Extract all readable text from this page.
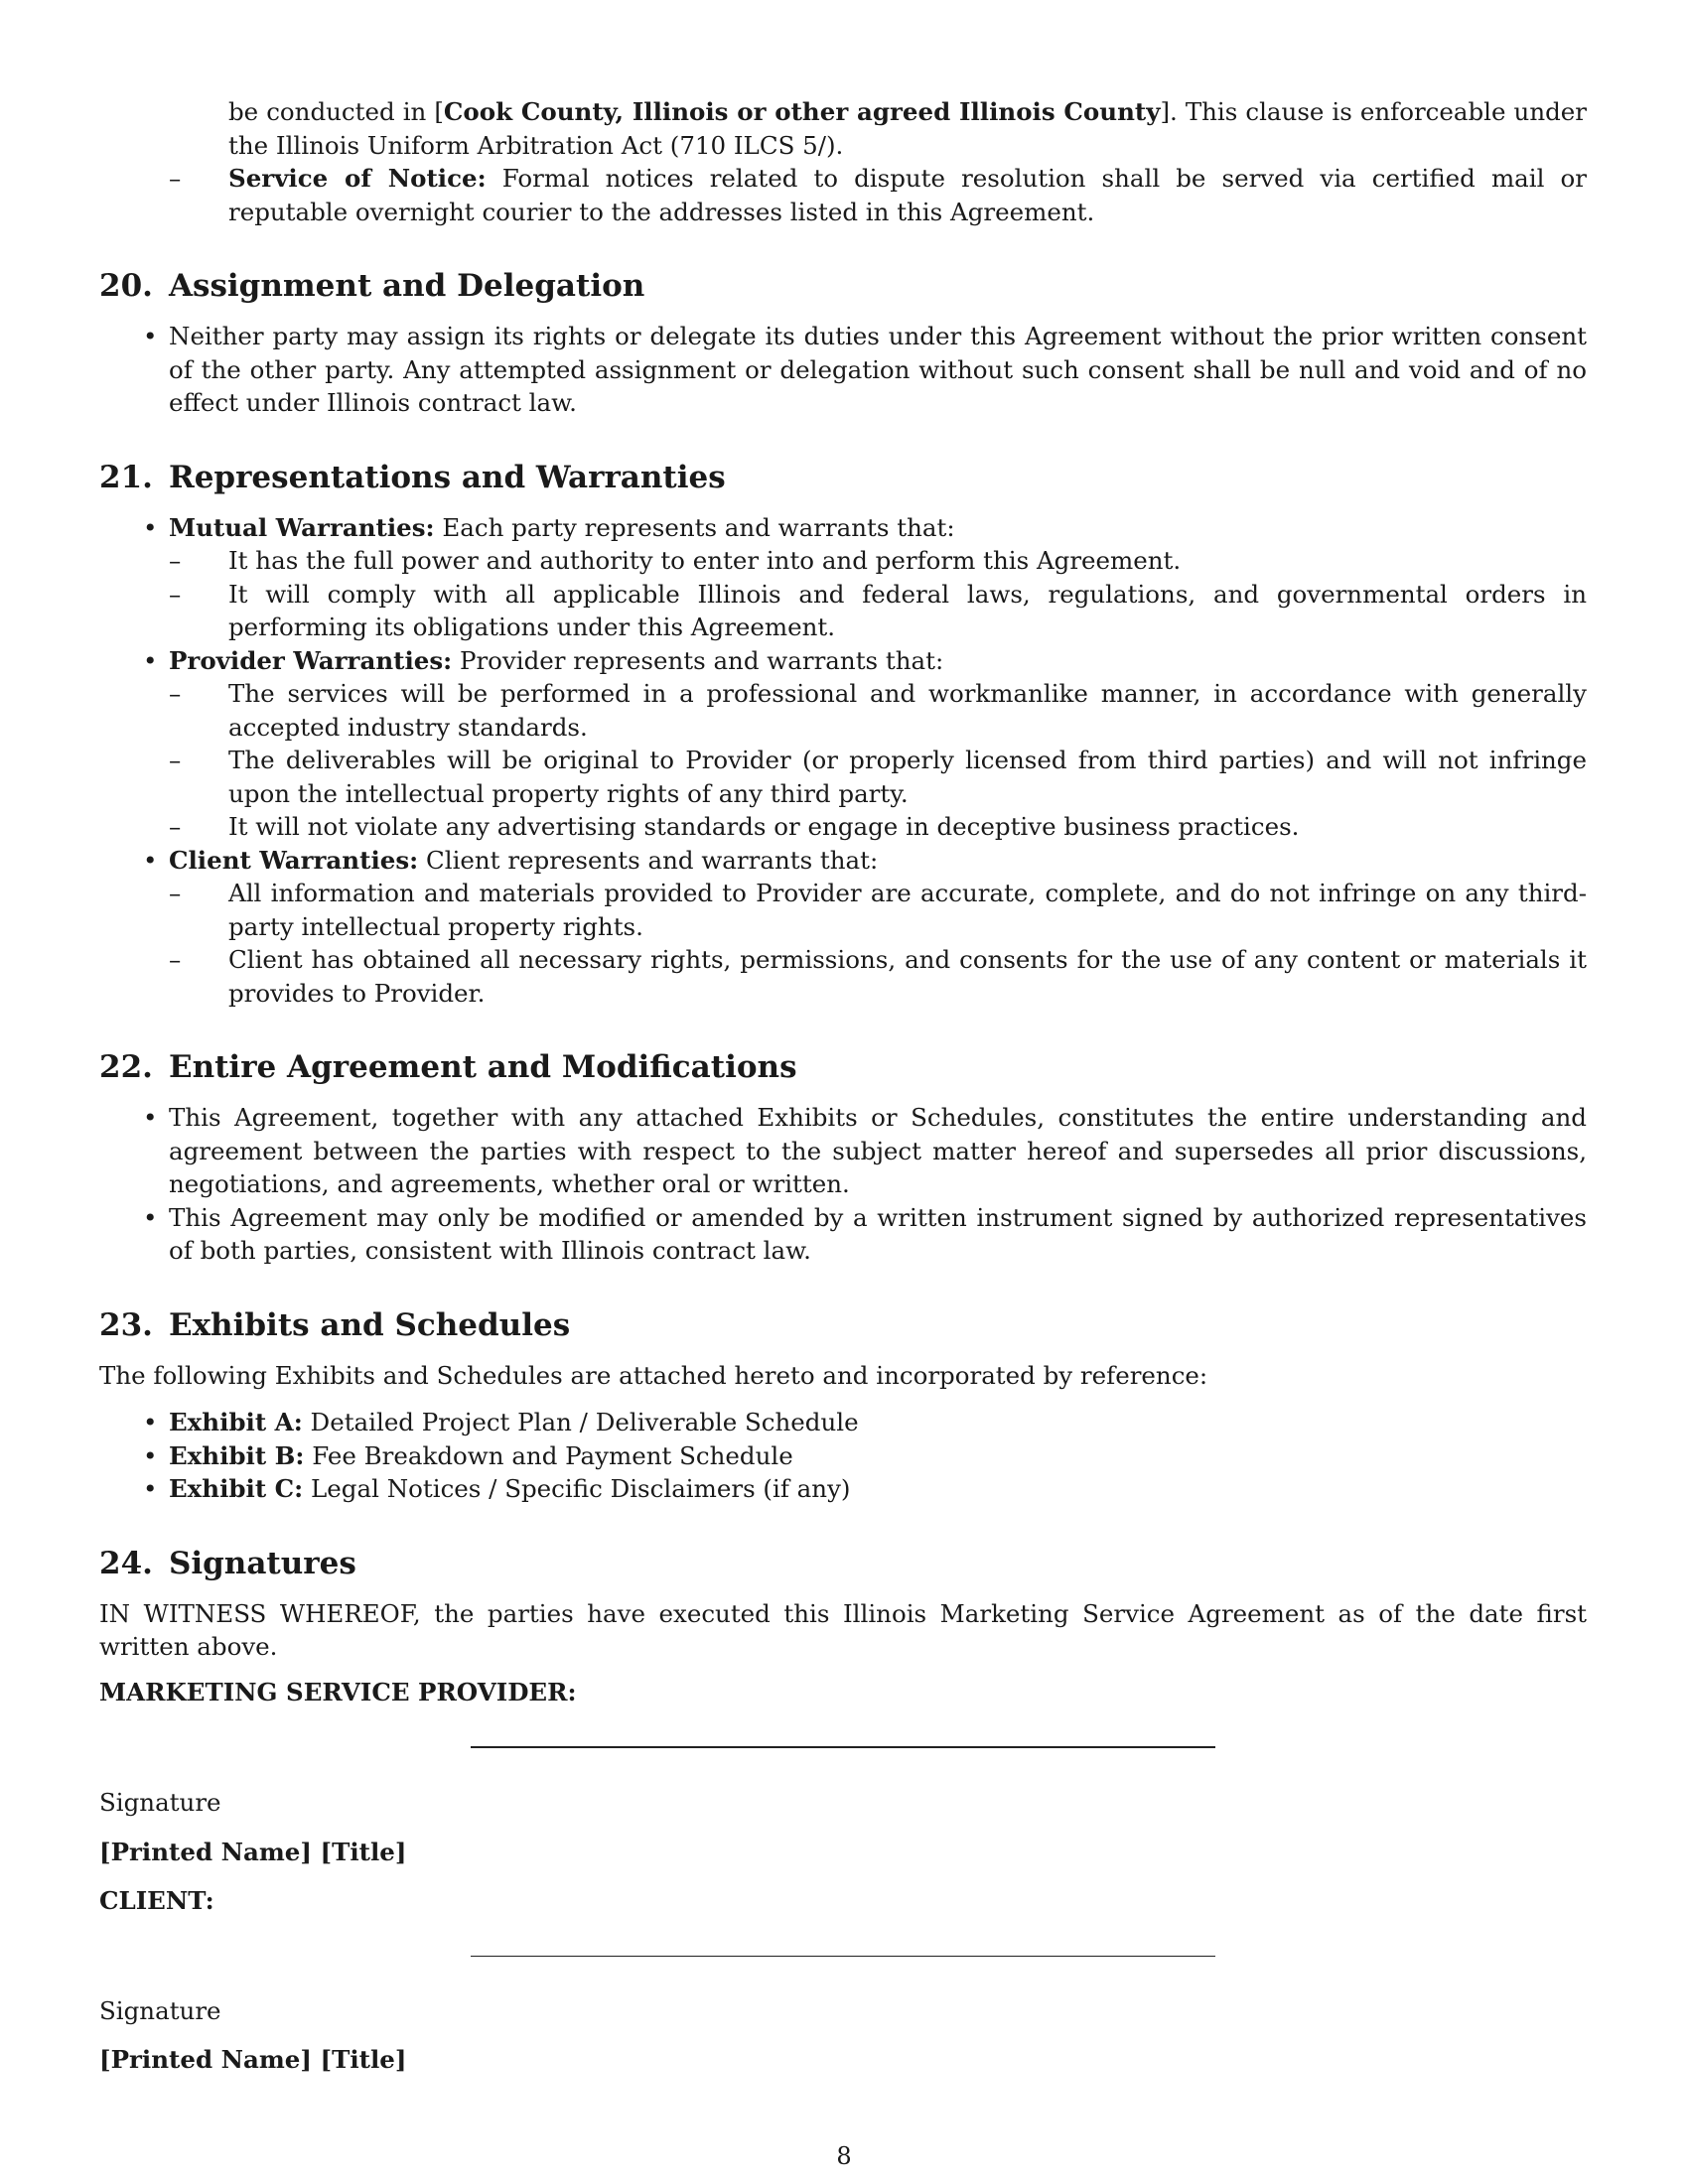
be conducted in [Cook County, Illinois or other agreed Illinois County]. This clause is enforceable under the Illinois Uniform Arbitration Act (710 ILCS 5/).
– Service of Notice: Formal notices related to dispute resolution shall be served via certified mail or reputable overnight courier to the addresses listed in this Agreement.
20. Assignment and Delegation
• Neither party may assign its rights or delegate its duties under this Agreement without the prior written consent of the other party. Any attempted assignment or delegation without such consent shall be null and void and of no effect under Illinois contract law.
21. Representations and Warranties
• Mutual Warranties: Each party represents and warrants that:
– It has the full power and authority to enter into and perform this Agreement.
– It will comply with all applicable Illinois and federal laws, regulations, and governmental orders in performing its obligations under this Agreement.
• Provider Warranties: Provider represents and warrants that:
– The services will be performed in a professional and workmanlike manner, in accordance with generally accepted industry standards.
– The deliverables will be original to Provider (or properly licensed from third parties) and will not infringe upon the intellectual property rights of any third party.
– It will not violate any advertising standards or engage in deceptive business practices.
• Client Warranties: Client represents and warrants that:
– All information and materials provided to Provider are accurate, complete, and do not infringe on any third-party intellectual property rights.
– Client has obtained all necessary rights, permissions, and consents for the use of any content or materials it provides to Provider.
22. Entire Agreement and Modifications
• This Agreement, together with any attached Exhibits or Schedules, constitutes the entire understanding and agreement between the parties with respect to the subject matter hereof and supersedes all prior discussions, negotiations, and agreements, whether oral or written.
• This Agreement may only be modified or amended by a written instrument signed by authorized representatives of both parties, consistent with Illinois contract law.
23. Exhibits and Schedules

The following Exhibits and Schedules are attached hereto and incorporated by reference:

• Exhibit A: Detailed Project Plan / Deliverable Schedule
• Exhibit B: Fee Breakdown and Payment Schedule
• Exhibit C: Legal Notices / Specific Disclaimers (if any)
24. Signatures

IN WITNESS WHEREOF, the parties have executed this Illinois Marketing Service Agreement as of the date first written above.

MARKETING SERVICE PROVIDER:

Signature

[Printed Name] [Title]

CLIENT:

Signature

[Printed Name] [Title]

8
